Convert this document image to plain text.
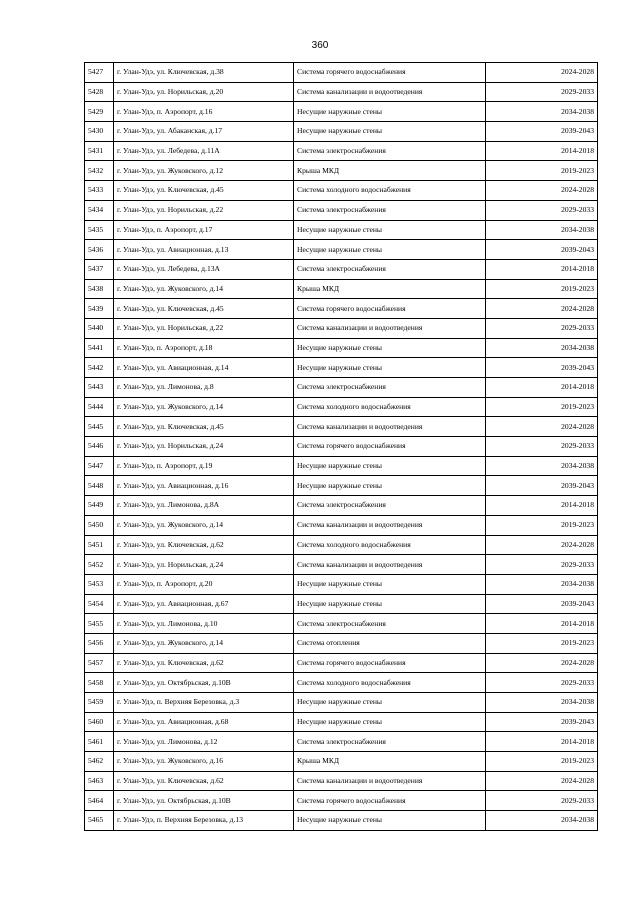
360
5427	г. Улан-Удэ, ул. Ключевская, д.38	Система горячего водоснабжения	2024-2028
5428	г. Улан-Удэ, ул. Норильская, д.20	Система канализации и водоотведения	2029-2033
5429	г. Улан-Удэ, п. Аэропорт, д.16	Несущие наружные стены	2034-2038
5430	г. Улан-Удэ, ул. Абаканская, д.17	Несущие наружные стены	2039-2043
5431	г. Улан-Удэ, ул. Лебедева, д.11А	Система электроснабжения	2014-2018
5432	г. Улан-Удэ, ул. Жуковского, д.12	Крыша МКД	2019-2023
5433	г. Улан-Удэ, ул. Ключевская, д.45	Система холодного водоснабжения	2024-2028
5434	г. Улан-Удэ, ул. Норильская, д.22	Система электроснабжения	2029-2033
5435	г. Улан-Удэ, п. Аэропорт, д.17	Несущие наружные стены	2034-2038
5436	г. Улан-Удэ, ул. Авиационная, д.13	Несущие наружные стены	2039-2043
5437	г. Улан-Удэ, ул. Лебедева, д.13А	Система электроснабжения	2014-2018
5438	г. Улан-Удэ, ул. Жуковского, д.14	Крыша МКД	2019-2023
5439	г. Улан-Удэ, ул. Ключевская, д.45	Система горячего водоснабжения	2024-2028
5440	г. Улан-Удэ, ул. Норильская, д.22	Система канализации и водоотведения	2029-2033
5441	г. Улан-Удэ, п. Аэропорт, д.18	Несущие наружные стены	2034-2038
5442	г. Улан-Удэ, ул. Авиационная, д.14	Несущие наружные стены	2039-2043
5443	г. Улан-Удэ, ул. Лимонова, д.8	Система электроснабжения	2014-2018
5444	г. Улан-Удэ, ул. Жуковского, д.14	Система холодного водоснабжения	2019-2023
5445	г. Улан-Удэ, ул. Ключевская, д.45	Система канализации и водоотведения	2024-2028
5446	г. Улан-Удэ, ул. Норильская, д.24	Система горячего водоснабжения	2029-2033
5447	г. Улан-Удэ, п. Аэропорт, д.19	Несущие наружные стены	2034-2038
5448	г. Улан-Удэ, ул. Авиационная, д.16	Несущие наружные стены	2039-2043
5449	г. Улан-Удэ, ул. Лимонова, д.8А	Система электроснабжения	2014-2018
5450	г. Улан-Удэ, ул. Жуковского, д.14	Система канализации и водоотведения	2019-2023
5451	г. Улан-Удэ, ул. Ключевская, д.62	Система холодного водоснабжения	2024-2028
5452	г. Улан-Удэ, ул. Норильская, д.24	Система канализации и водоотведения	2029-2033
5453	г. Улан-Удэ, п. Аэропорт, д.20	Несущие наружные стены	2034-2038
5454	г. Улан-Удэ, ул. Авиационная, д.67	Несущие наружные стены	2039-2043
5455	г. Улан-Удэ, ул. Лимонова, д.10	Система электроснабжения	2014-2018
5456	г. Улан-Удэ, ул. Жуковского, д.14	Система отопления	2019-2023
5457	г. Улан-Удэ, ул. Ключевская, д.62	Система горячего водоснабжения	2024-2028
5458	г. Улан-Удэ, ул. Октябрьская, д.10В	Система холодного водоснабжения	2029-2033
5459	г. Улан-Удэ, п. Верхняя Березовка, д.3	Несущие наружные стены	2034-2038
5460	г. Улан-Удэ, ул. Авиационная, д.68	Несущие наружные стены	2039-2043
5461	г. Улан-Удэ, ул. Лимонова, д.12	Система электроснабжения	2014-2018
5462	г. Улан-Удэ, ул. Жуковского, д.16	Крыша МКД	2019-2023
5463	г. Улан-Удэ, ул. Ключевская, д.62	Система канализации и водоотведения	2024-2028
5464	г. Улан-Удэ, ул. Октябрьская, д.10В	Система горячего водоснабжения	2029-2033
5465	г. Улан-Удэ, п. Верхняя Березовка, д.13	Несущие наружные стены	2034-2038
